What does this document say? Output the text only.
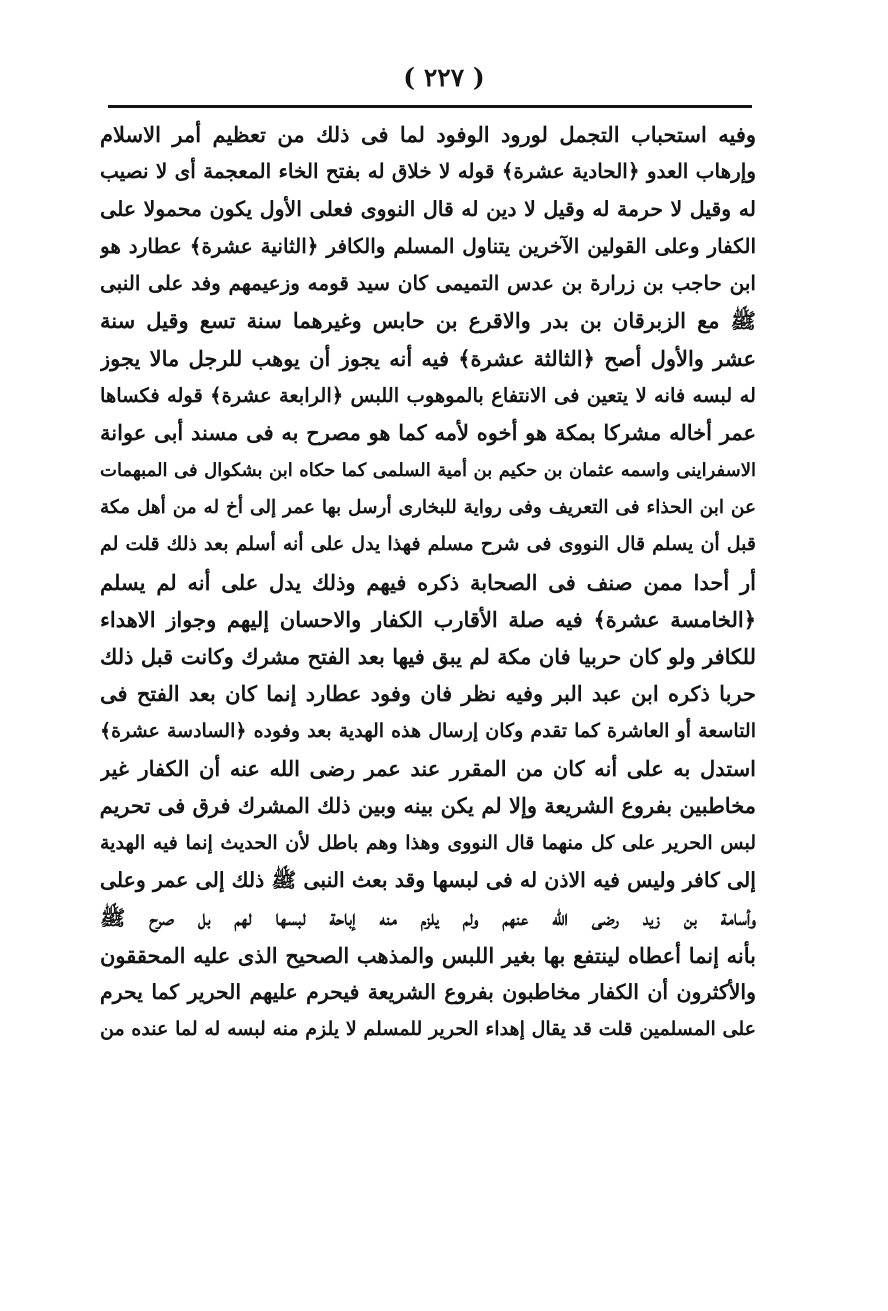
( ٢٢٧ )
وفيه استحباب التجمل لورود الوفود لما فى ذلك من تعظيم أمر الاسلام
وإرهاب العدو ﴿الحادية عشرة﴾ قوله لا خلاق له بفتح الخاء المعجمة أى لا نصيب
له وقيل لا حرمة له وقيل لا دين له قال النووى فعلى الأول يكون محمولا على
الكفار وعلى القولين الآخرين يتناول المسلم والكافر ﴿الثانية عشرة﴾ عطارد هو
ابن حاجب بن زرارة بن عدس التميمى كان سيد قومه وزعيمهم وفد على النبى
ﷺ مع الزبرقان بن بدر والاقرع بن حابس وغيرهما سنة تسع وقيل سنة
عشر والأول أصح ﴿الثالثة عشرة﴾ فيه أنه يجوز أن يوهب للرجل مالا يجوز
له لبسه فانه لا يتعين فى الانتفاع بالموهوب اللبس ﴿الرابعة عشرة﴾ قوله فكساها
عمر أخاله مشركا بمكة هو أخوه لأمه كما هو مصرح به فى مسند أبى عوانة
الاسفراينى واسمه عثمان بن حكيم بن أمية السلمى كما حكاه ابن بشكوال فى المبهمات
عن ابن الحذاء فى التعريف وفى رواية للبخارى أرسل بها عمر إلى أخ له من أهل مكة
قبل أن يسلم قال النووى فى شرح مسلم فهذا يدل على أنه أسلم بعد ذلك قلت لم
أر أحدا ممن صنف فى الصحابة ذكره فيهم وذلك يدل على أنه لم يسلم
﴿الخامسة عشرة﴾ فيه صلة الأقارب الكفار والاحسان إليهم وجواز الاهداء
للكافر ولو كان حربيا فان مكة لم يبق فيها بعد الفتح مشرك وكانت قبل ذلك
حربا ذكره ابن عبد البر وفيه نظر فان وفود عطارد إنما كان بعد الفتح فى
التاسعة أو العاشرة كما تقدم وكان إرسال هذه الهدية بعد وفوده ﴿السادسة عشرة﴾
استدل به على أنه كان من المقرر عند عمر رضى الله عنه أن الكفار غير
مخاطبين بفروع الشريعة وإلا لم يكن بينه وبين ذلك المشرك فرق فى تحريم
لبس الحرير على كل منهما قال النووى وهذا وهم باطل لأن الحديث إنما فيه الهدية
إلى كافر وليس فيه الاذن له فى لبسها وقد بعث النبى ﷺ ذلك إلى عمر وعلى
وأسامة بن زيد رضى الله عنهم ولم يلزم منه إباحة لبسها لهم بل صرح ﷺ
بأنه إنما أعطاه لينتفع بها بغير اللبس والمذهب الصحيح الذى عليه المحققون
والأكثرون أن الكفار مخاطبون بفروع الشريعة فيحرم عليهم الحرير كما يحرم
على المسلمين قلت قد يقال إهداء الحرير للمسلم لا يلزم منه لبسه له لما عنده من
